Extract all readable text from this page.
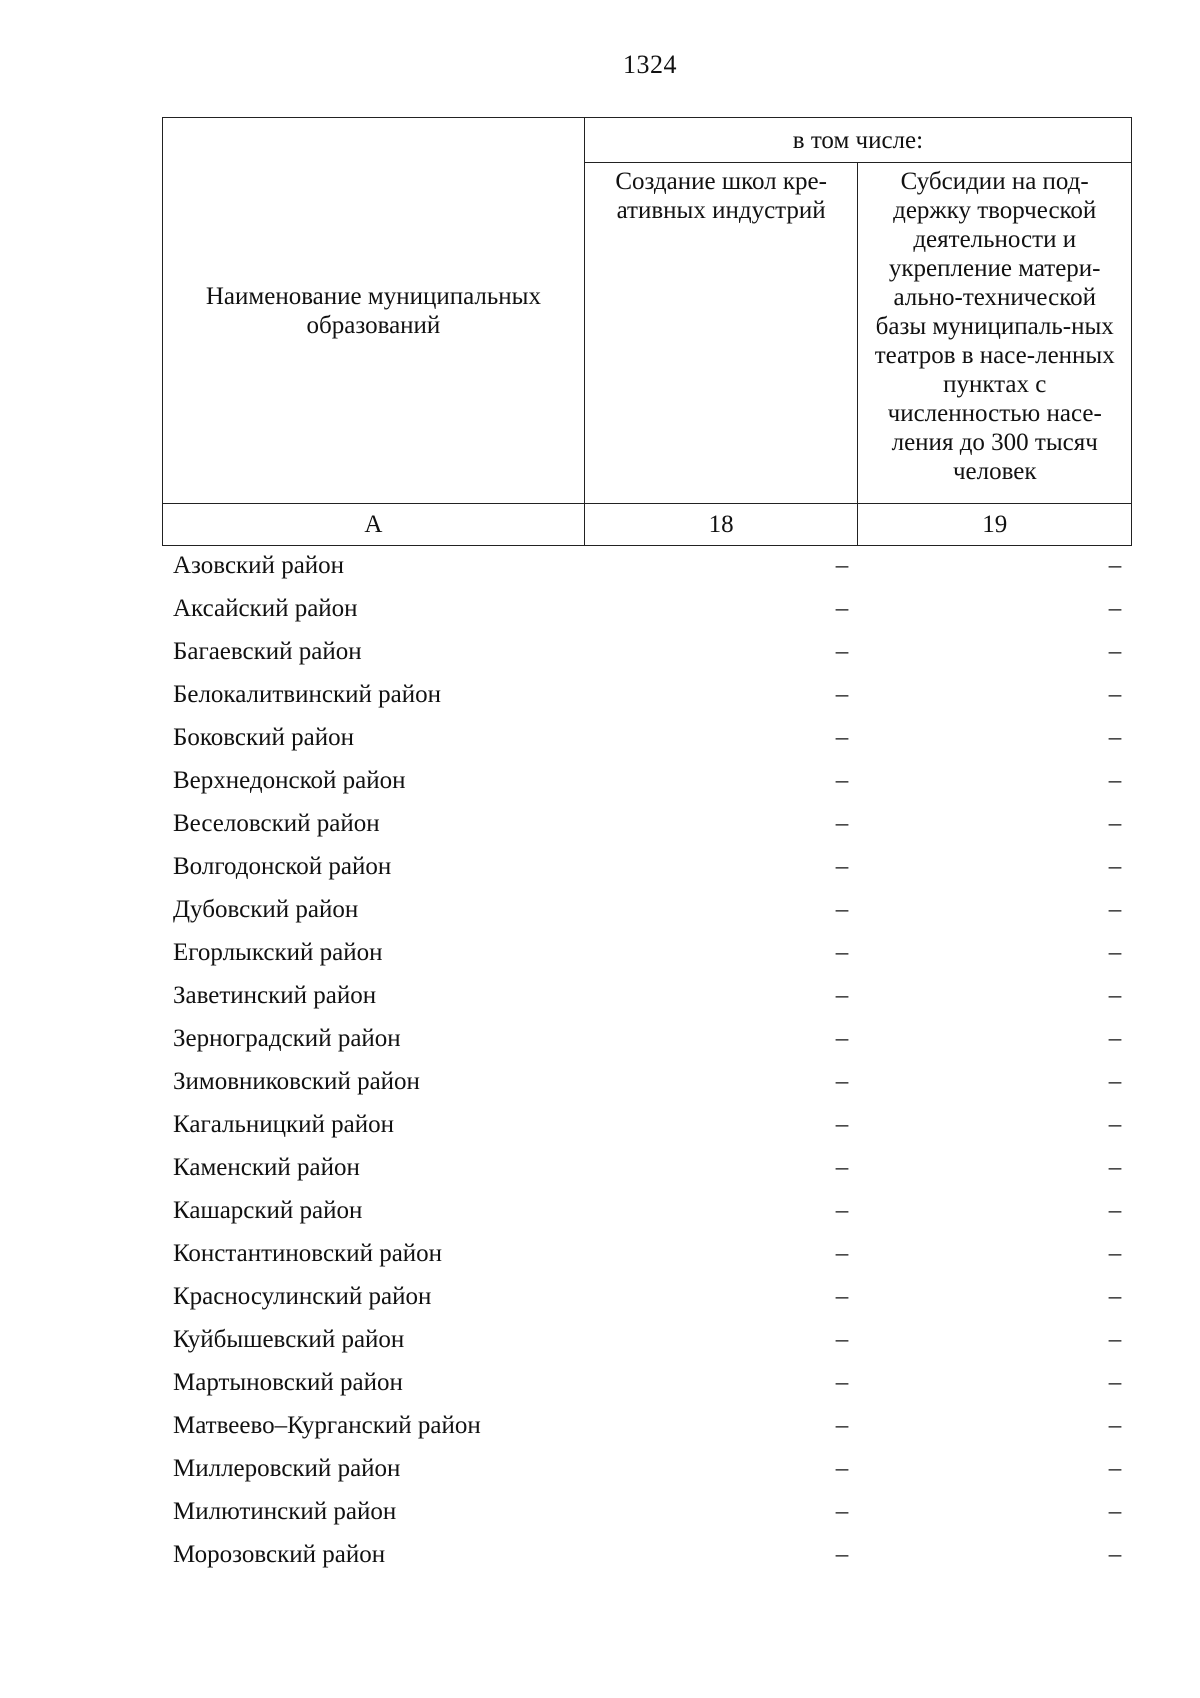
1324
Наименование муниципальных образований	в том числе:	
	Создание школ кре-ативных индустрий	Субсидии на под-держку творческой деятельности и укрепление матери-ально-технической базы муниципаль-ных театров в насе-ленных пунктах с численностью насе-ления до 300 тысяч человек
А	18	19
Азовский район	–	–
Аксайский район	–	–
Багаевский район	–	–
Белокалитвинский район	–	–
Боковский район	–	–
Верхнедонской район	–	–
Веселовский район	–	–
Волгодонской район	–	–
Дубовский район	–	–
Егорлыкский район	–	–
Заветинский район	–	–
Зерноградский район	–	–
Зимовниковский район	–	–
Кагальницкий район	–	–
Каменский район	–	–
Кашарский район	–	–
Константиновский район	–	–
Красносулинский район	–	–
Куйбышевский район	–	–
Мартыновский район	–	–
Матвеево–Курганский район	–	–
Миллеровский район	–	–
Милютинский район	–	–
Морозовский район	–	–
